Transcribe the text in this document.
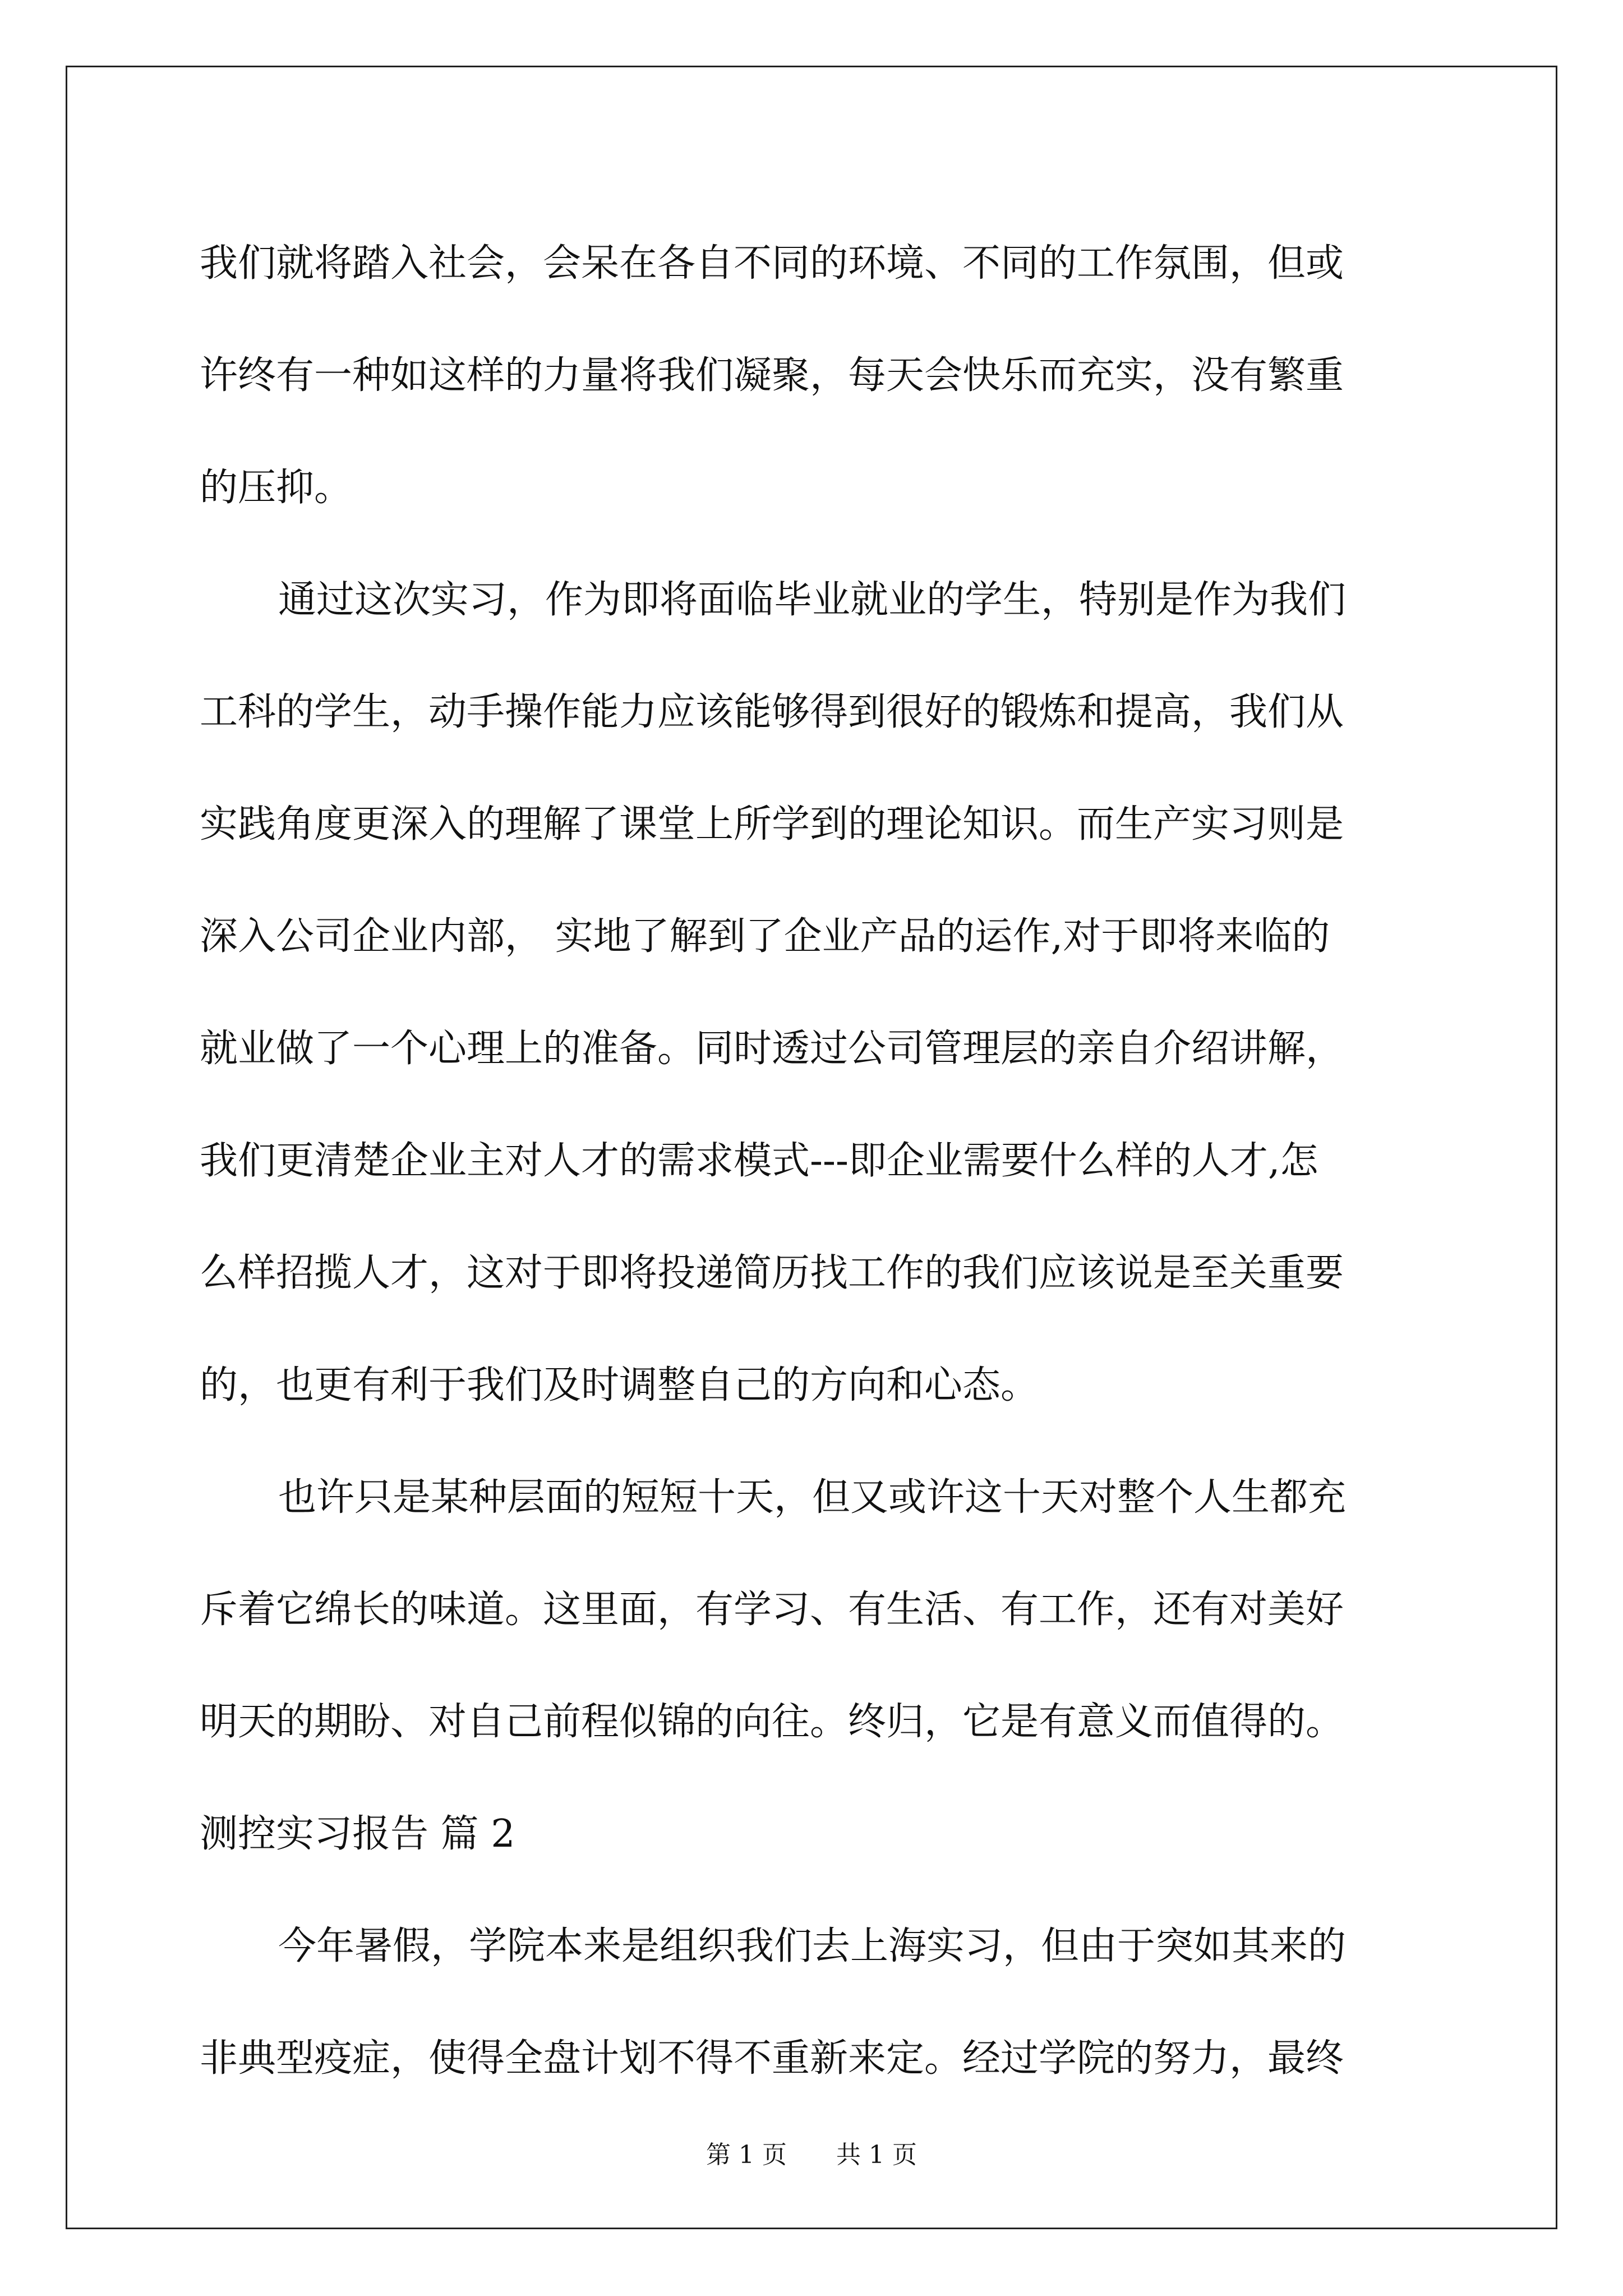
我们就将踏入社会，会呆在各自不同的环境、不同的工作氛围，但或
许终有一种如这样的力量将我们凝聚，每天会快乐而充实，没有繁重
的压抑。
通过这次实习，作为即将面临毕业就业的学生，特别是作为我们
工科的学生，动手操作能力应该能够得到很好的锻炼和提高，我们从
实践角度更深入的理解了课堂上所学到的理论知识。而生产实习则是
深入公司企业内部， 实地了解到了企业产品的运作,对于即将来临的
就业做了一个心理上的准备。同时透过公司管理层的亲自介绍讲解，
我们更清楚企业主对人才的需求模式---即企业需要什么样的人才,怎
么样招揽人才，这对于即将投递简历找工作的我们应该说是至关重要
的，也更有利于我们及时调整自己的方向和心态。
也许只是某种层面的短短十天，但又或许这十天对整个人生都充
斥着它绵长的味道。这里面，有学习、有生活、有工作，还有对美好
明天的期盼、对自己前程似锦的向往。终归，它是有意义而值得的。
测控实习报告 篇 2
今年暑假，学院本来是组织我们去上海实习，但由于突如其来的
非典型疫症，使得全盘计划不得不重新来定。经过学院的努力，最终
第 1 页 共 1 页
